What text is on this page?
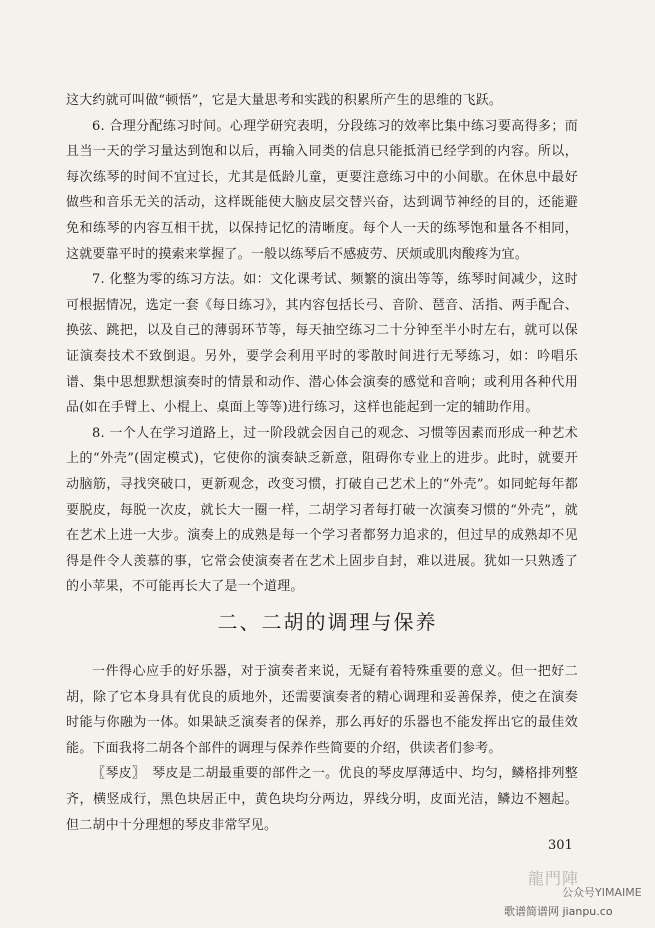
这大约就可叫做“顿悟”，它是大量思考和实践的积累所产生的思维的飞跃。

6. 合理分配练习时间。心理学研究表明，分段练习的效率比集中练习要高得多；而且当一天的学习量达到饱和以后，再输入同类的信息只能抵消已经学到的内容。所以，每次练琴的时间不宜过长，尤其是低龄儿童，更要注意练习中的小间歇。在休息中最好做些和音乐无关的活动，这样既能使大脑皮层交替兴奋，达到调节神经的目的，还能避免和练琴的内容互相干扰，以保持记忆的清晰度。每个人一天的练琴饱和量各不相同，这就要靠平时的摸索来掌握了。一般以练琴后不感疲劳、厌烦或肌肉酸疼为宜。

7. 化整为零的练习方法。如：文化课考试、频繁的演出等等，练琴时间减少，这时可根据情况，选定一套《每日练习》，其内容包括长弓、音阶、琶音、活指、两手配合、换弦、跳把，以及自己的薄弱环节等，每天抽空练习二十分钟至半小时左右，就可以保证演奏技术不致倒退。另外，要学会利用平时的零散时间进行无琴练习，如：吟唱乐谱、集中思想默想演奏时的情景和动作、潜心体会演奏的感觉和音响；或利用各种代用品(如在手臂上、小棍上、桌面上等等)进行练习，这样也能起到一定的辅助作用。

8. 一个人在学习道路上，过一阶段就会因自己的观念、习惯等因素而形成一种艺术上的“外壳”(固定模式)，它使你的演奏缺乏新意，阻碍你专业上的进步。此时，就要开动脑筋，寻找突破口，更新观念，改变习惯，打破自己艺术上的“外壳”。如同蛇每年都要脱皮，每脱一次皮，就长大一圈一样，二胡学习者每打破一次演奏习惯的“外壳”，就在艺术上进一大步。演奏上的成熟是每一个学习者都努力追求的，但过早的成熟却不见得是件令人羡慕的事，它常会使演奏者在艺术上固步自封，难以进展。犹如一只熟透了的小苹果，不可能再长大了是一个道理。

二、二胡的调理与保养

一件得心应手的好乐器，对于演奏者来说，无疑有着特殊重要的意义。但一把好二胡，除了它本身具有优良的质地外，还需要演奏者的精心调理和妥善保养，使之在演奏时能与你融为一体。如果缺乏演奏者的保养，那么再好的乐器也不能发挥出它的最佳效能。下面我将二胡各个部件的调理与保养作些简要的介绍，供读者们参考。

〖琴皮〗　琴皮是二胡最重要的部件之一。优良的琴皮厚薄适中、均匀，鳞格排列整齐，横竖成行，黑色块居正中，黄色块均分两边，界线分明，皮面光洁，鳞边不翘起。但二胡中十分理想的琴皮非常罕见。

301
龍門陣
公众号YIMAIME
歌谱简谱网 jianpu.co
